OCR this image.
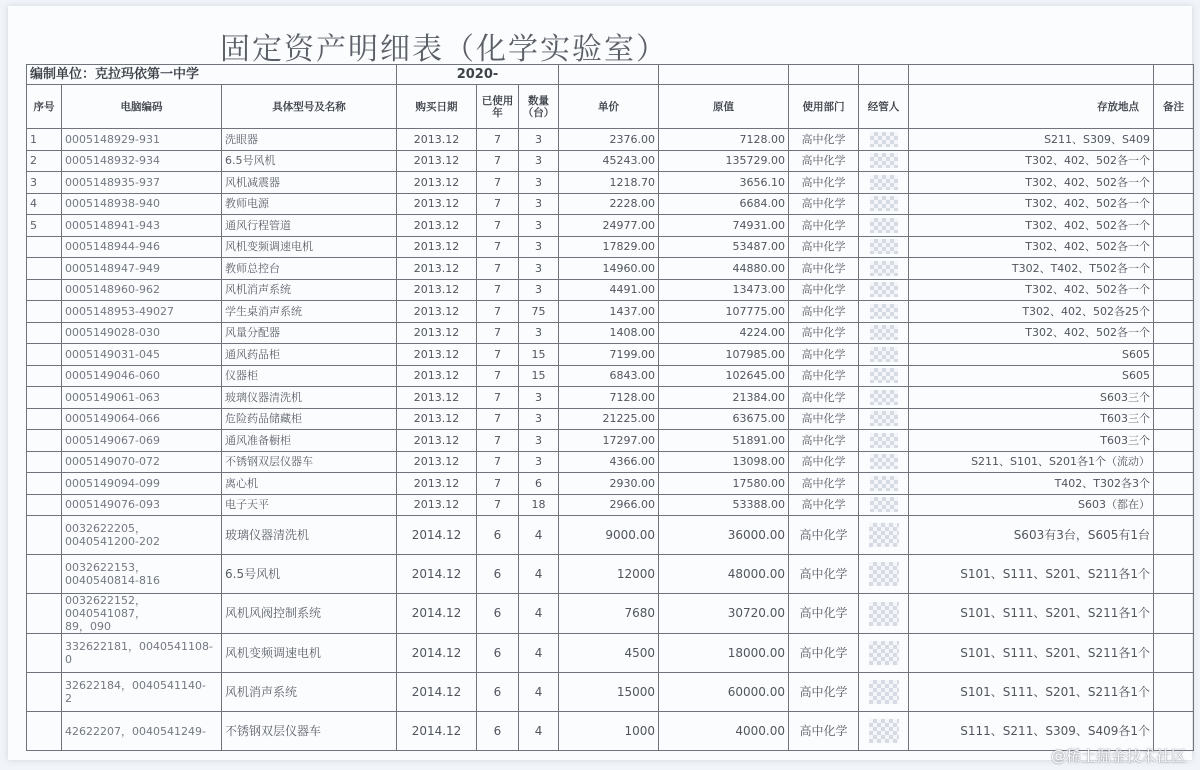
固定资产明细表（化学实验室）
编制单位：克拉玛依第一中学			2020-								
序号	电脑编码	具体型号及名称	购买日期	已使用年	数量（台）	单价	原值	使用部门	经管人	存放地点	备注
1	0005148929-931	洗眼器	2013.12	7	3	2376.00	7128.00	高中化学		S211、S309、S409	
2	0005148932-934	6.5号风机	2013.12	7	3	45243.00	135729.00	高中化学		T302、402、502各一个	
3	0005148935-937	风机减震器	2013.12	7	3	1218.70	3656.10	高中化学		T302、402、502各一个	
4	0005148938-940	教师电源	2013.12	7	3	2228.00	6684.00	高中化学		T302、402、502各一个	
5	0005148941-943	通风行程管道	2013.12	7	3	24977.00	74931.00	高中化学		T302、402、502各一个	
	0005148944-946	风机变频调速电机	2013.12	7	3	17829.00	53487.00	高中化学		T302、402、502各一个	
	0005148947-949	教师总控台	2013.12	7	3	14960.00	44880.00	高中化学		T302、T402、T502各一个	
	0005148960-962	风机消声系统	2013.12	7	3	4491.00	13473.00	高中化学		T302、402、502各一个	
	0005148953-49027	学生桌消声系统	2013.12	7	75	1437.00	107775.00	高中化学		T302、402、502各25个	
	0005149028-030	风量分配器	2013.12	7	3	1408.00	4224.00	高中化学		T302、402、502各一个	
	0005149031-045	通风药品柜	2013.12	7	15	7199.00	107985.00	高中化学		S605	
	0005149046-060	仪器柜	2013.12	7	15	6843.00	102645.00	高中化学		S605	
	0005149061-063	玻璃仪器清洗机	2013.12	7	3	7128.00	21384.00	高中化学		S603三个	
	0005149064-066	危险药品储藏柜	2013.12	7	3	21225.00	63675.00	高中化学		T603三个	
	0005149067-069	通风准备橱柜	2013.12	7	3	17297.00	51891.00	高中化学		T603三个	
	0005149070-072	不锈钢双层仪器车	2013.12	7	3	4366.00	13098.00	高中化学		S211、S101、S201各1个（流动）	
	0005149094-099	离心机	2013.12	7	6	2930.00	17580.00	高中化学		T402、T302各3个	
	0005149076-093	电子天平	2013.12	7	18	2966.00	53388.00	高中化学		S603（都在）	
	0032622205，
0040541200-202	玻璃仪器清洗机	2014.12	6	4	9000.00	36000.00	高中化学		S603有3台，S605有1台	
	0032622153，
0040540814-816	6.5号风机	2014.12	6	4	12000	48000.00	高中化学		S101、S111、S201、S211各1个	
	0032622152，0040541087，
89，090	风机风阀控制系统	2014.12	6	4	7680	30720.00	高中化学		S101、S111、S201、S211各1个	
	332622181，0040541108-
0	风机变频调速电机	2014.12	6	4	4500	18000.00	高中化学		S101、S111、S201、S211各1个	
	32622184，0040541140-
2	风机消声系统	2014.12	6	4	15000	60000.00	高中化学		S101、S111、S201、S211各1个	
	42622207，0040541249-	不锈钢双层仪器车	2014.12	6	4	1000	4000.00	高中化学		S111、S211、S309、S409各1个	
@稀土掘金技术社区
